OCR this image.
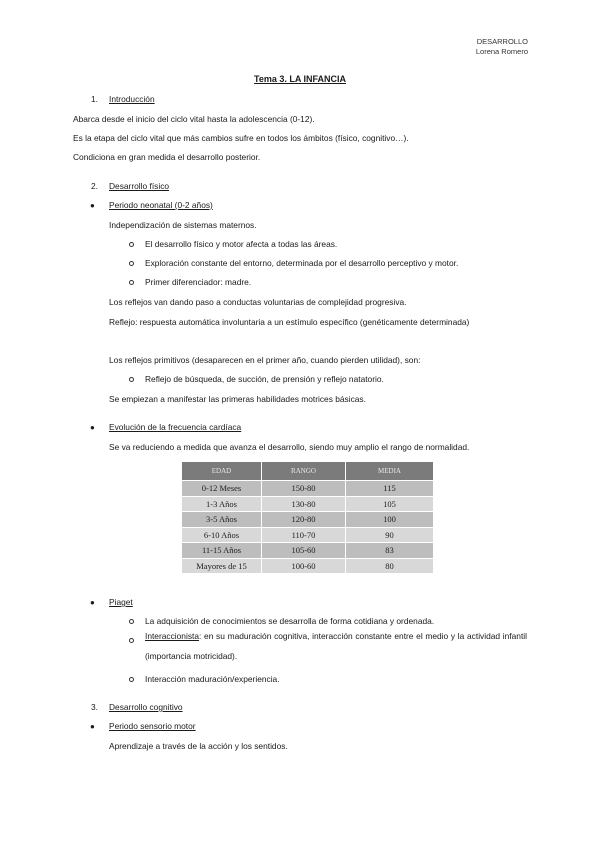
DESARROLLO
Lorena Romero
Tema 3. LA INFANCIA
1. Introducción
Abarca desde el inicio del ciclo vital hasta la adolescencia (0-12).
Es la etapa del ciclo vital que más cambios sufre en todos los ámbitos (físico, cognitivo…).
Condiciona en gran medida el desarrollo posterior.
2. Desarrollo físico
● Periodo neonatal (0-2 años)
Independización de sistemas maternos.
El desarrollo físico y motor afecta a todas las áreas.
Exploración constante del entorno, determinada por el desarrollo perceptivo y motor.
Primer diferenciador: madre.
Los reflejos van dando paso a conductas voluntarias de complejidad progresiva.
Reflejo: respuesta automática involuntaria a un estímulo específico (genéticamente determinada)
Los reflejos primitivos (desaparecen en el primer año, cuando pierden utilidad), son:
Reflejo de búsqueda, de succión, de prensión y reflejo natatorio.
Se empiezan a manifestar las primeras habilidades motrices básicas.
● Evolución de la frecuencia cardíaca
Se va reduciendo a medida que avanza el desarrollo, siendo muy amplio el rango de normalidad.
EDAD	RANGO	MEDIA
0-12 Meses	150-80	115
1-3 Años	130-80	105
3-5 Años	120-80	100
6-10 Años	110-70	90
11-15 Años	105-60	83
Mayores de 15	100-60	80
● Piaget
La adquisición de conocimientos se desarrolla de forma cotidiana y ordenada.
Interaccionista: en su maduración cognitiva, interacción constante entre el medio y la actividad infantil (importancia motricidad).
Interacción maduración/experiencia.
3. Desarrollo cognitivo
● Periodo sensorio motor
Aprendizaje a través de la acción y los sentidos.
